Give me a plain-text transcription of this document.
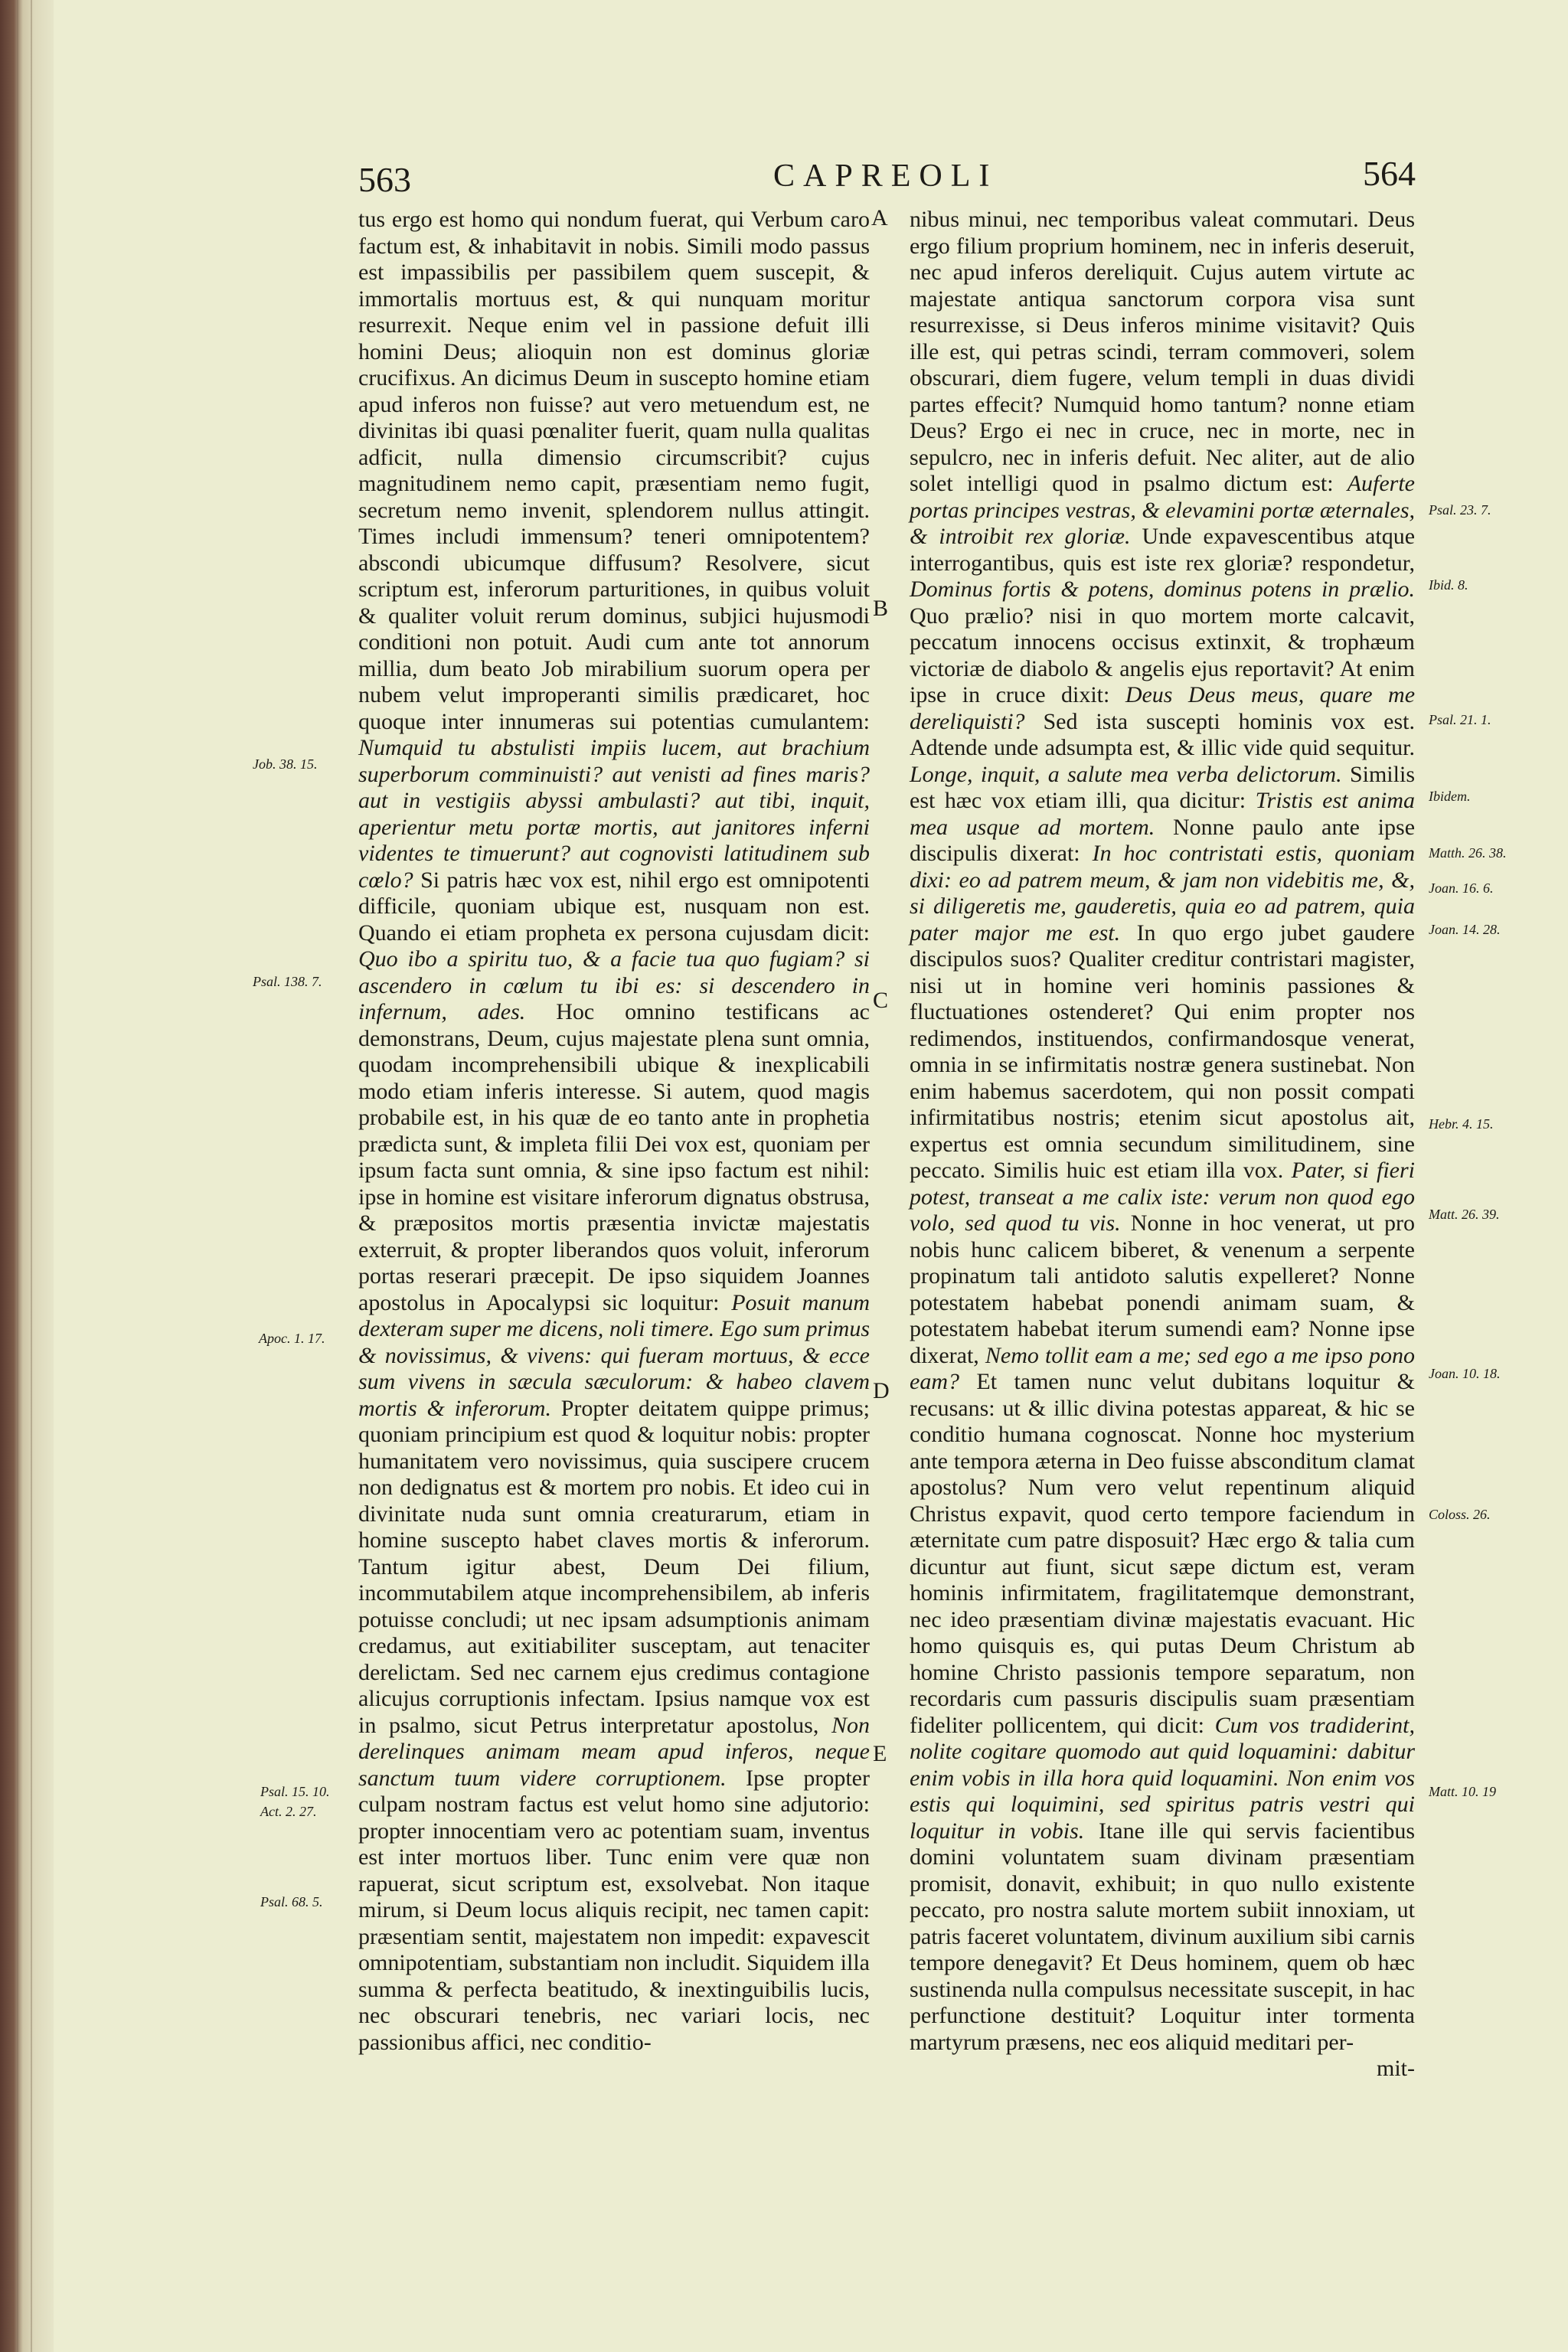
563	CAPREOLI	564

tus ergo est homo qui nondum fuerat, qui Verbum caro factum est, & inhabitavit in nobis. Simili modo passus est impassibilis per passibilem quem suscepit, & immortalis mortuus est, & qui nunquam moritur resurrexit. Neque enim vel in passione defuit illi homini Deus; alioquin non est dominus gloriæ crucifixus. An dicimus Deum in suscepto homine etiam apud inferos non fuisse? aut vero metuendum est, ne divinitas ibi quasi pœnaliter fuerit, quam nulla qualitas adficit, nulla dimensio circumscribit? cujus magnitudinem nemo capit, præsentiam nemo fugit, secretum nemo invenit, splendorem nullus attingit. Times includi immensum? teneri omnipotentem? abscondi ubicumque diffusum? Resolvere, sicut scriptum est, inferorum parturitiones, in quibus voluit & qualiter voluit rerum dominus, subjici hujusmodi conditioni non potuit. Audi cum ante tot annorum millia, dum beato Job mirabilium suorum opera per nubem velut improperanti similis prædicaret, hoc quoque inter innumeras sui potentias cumulantem: Numquid tu abstulisti impiis lucem, aut brachium superborum comminuisti? aut venisti ad fines maris? aut in vestigiis abyssi ambulasti? aut tibi, inquit, aperientur metu portæ mortis, aut janitores inferni videntes te timuerunt? aut cognovisti latitudinem sub cœlo? Si patris hæc vox est, nihil ergo est omnipotenti difficile, quoniam ubique est, nusquam non est. Quando ei etiam propheta ex persona cujusdam dicit: Quo ibo a spiritu tuo, & a facie tua quo fugiam? si ascendero in cœlum tu ibi es: si descendero in infernum, ades. Hoc omnino testificans ac demonstrans, Deum, cujus majestate plena sunt omnia, quodam incomprehensibili ubique & inexplicabili modo etiam inferis interesse. Si autem, quod magis probabile est, in his quæ de eo tanto ante in prophetia prædicta sunt, & impleta filii Dei vox est, quoniam per ipsum facta sunt omnia, & sine ipso factum est nihil: ipse in homine est visitare inferorum dignatus obstrusa, & præpositos mortis præsentia invictæ majestatis exterruit, & propter liberandos quos voluit, inferorum portas reserari præcepit. De ipso siquidem Joannes apostolus in Apocalypsi sic loquitur: Posuit manum dexteram super me dicens, noli timere. Ego sum primus & novissimus, & vivens: qui fueram mortuus, & ecce sum vivens in sæcula sæculorum: & habeo clavem mortis & inferorum. Propter deitatem quippe primus; quoniam principium est quod & loquitur nobis: propter humanitatem vero novissimus, quia suscipere crucem non dedignatus est & mortem pro nobis. Et ideo cui in divinitate nuda sunt omnia creaturarum, etiam in homine suscepto habet claves mortis & inferorum. Tantum igitur abest, Deum Dei filium, incommutabilem atque incomprehensibilem, ab inferis potuisse concludi; ut nec ipsam adsumptionis animam credamus, aut exitiabiliter susceptam, aut tenaciter derelictam. Sed nec carnem ejus credimus contagione alicujus corruptionis infectam. Ipsius namque vox est in psalmo, sicut Petrus interpretatur apostolus, Non derelinques animam meam apud inferos, neque sanctum tuum videre corruptionem. Ipse propter culpam nostram factus est velut homo sine adjutorio: propter innocentiam vero ac potentiam suam, inventus est inter mortuos liber. Tunc enim vere quæ non rapuerat, sicut scriptum est, exsolvebat. Non itaque mirum, si Deum locus aliquis recipit, nec tamen capit: præsentiam sentit, majestatem non impedit: expavescit omnipotentiam, substantiam non includit. Siquidem illa summa & perfecta beatitudo, & inextinguibilis lucis, nec obscurari tenebris, nec variari locis, nec passionibus affici, nec conditio-

nibus minui, nec temporibus valeat commutari. Deus ergo filium proprium hominem, nec in inferis deseruit, nec apud inferos dereliquit. Cujus autem virtute ac majestate antiqua sanctorum corpora visa sunt resurrexisse, si Deus inferos minime visitavit? Quis ille est, qui petras scindi, terram commoveri, solem obscurari, diem fugere, velum templi in duas dividi partes effecit? Numquid homo tantum? nonne etiam Deus? Ergo ei nec in cruce, nec in morte, nec in sepulcro, nec in inferis defuit. Nec aliter, aut de alio solet intelligi quod in psalmo dictum est: Auferte portas principes vestras, & elevamini portæ æternales, & introibit rex gloriæ. Unde expavescentibus atque interrogantibus, quis est iste rex gloriæ? respondetur, Dominus fortis & potens, dominus potens in prælio. Quo prælio? nisi in quo mortem morte calcavit, peccatum innocens occisus extinxit, & trophæum victoriæ de diabolo & angelis ejus reportavit? At enim ipse in cruce dixit: Deus Deus meus, quare me dereliquisti? Sed ista suscepti hominis vox est. Adtende unde adsumpta est, & illic vide quid sequitur. Longe, inquit, a salute mea verba delictorum. Similis est hæc vox etiam illi, qua dicitur: Tristis est anima mea usque ad mortem. Nonne paulo ante ipse discipulis dixerat: In hoc contristati estis, quoniam dixi: eo ad patrem meum, & jam non videbitis me, &, si diligeretis me, gauderetis, quia eo ad patrem, quia pater major me est. In quo ergo jubet gaudere discipulos suos? Qualiter creditur contristari magister, nisi ut in homine veri hominis passiones & fluctuationes ostenderet? Qui enim propter nos redimendos, instituendos, confirmandosque venerat, omnia in se infirmitatis nostræ genera sustinebat. Non enim habemus sacerdotem, qui non possit compati infirmitatibus nostris; etenim sicut apostolus ait, expertus est omnia secundum similitudinem, sine peccato. Similis huic est etiam illa vox. Pater, si fieri potest, transeat a me calix iste: verum non quod ego volo, sed quod tu vis. Nonne in hoc venerat, ut pro nobis hunc calicem biberet, & venenum a serpente propinatum tali antidoto salutis expelleret? Nonne potestatem habebat ponendi animam suam, & potestatem habebat iterum sumendi eam? Nonne ipse dixerat, Nemo tollit eam a me; sed ego a me ipso pono eam? Et tamen nunc velut dubitans loquitur & recusans: ut & illic divina potestas appareat, & hic se conditio humana cognoscat. Nonne hoc mysterium ante tempora æterna in Deo fuisse absconditum clamat apostolus? Num vero velut repentinum aliquid Christus expavit, quod certo tempore faciendum in æternitate cum patre disposuit? Hæc ergo & talia cum dicuntur aut fiunt, sicut sæpe dictum est, veram hominis infirmitatem, fragilitatemque demonstrant, nec ideo præsentiam divinæ majestatis evacuant. Hic homo quisquis es, qui putas Deum Christum ab homine Christo passionis tempore separatum, non recordaris cum passuris discipulis suam præsentiam fideliter pollicentem, qui dicit: Cum vos tradiderint, nolite cogitare quomodo aut quid loquamini: dabitur enim vobis in illa hora quid loquamini. Non enim vos estis qui loquimini, sed spiritus patris vestri qui loquitur in vobis. Itane ille qui servis facientibus domini voluntatem suam divinam præsentiam promisit, donavit, exhibuit; in quo nullo existente peccato, pro nostra salute mortem subiit innoxiam, ut patris faceret voluntatem, divinum auxilium sibi carnis tempore denegavit? Et Deus hominem, quem ob hæc sustinenda nulla compulsus necessitate suscepit, in hac perfunctione destituit? Loquitur inter tormenta martyrum præsens, nec eos aliquid meditari per-

mit-

A
B
C
D
E
Job. 38. 15.
Psal. 138. 7.
Apoc. 1. 17.
Psal. 15. 10.
Act. 2. 27.
Psal. 68. 5.
Psal. 23. 7.
Ibid. 8.
Psal. 21. 1.
Ibidem.
Matth. 26. 38.
Joan. 16. 6.
Joan. 14. 28.
Hebr. 4. 15.
Matt. 26. 39.
Joan. 10. 18.
Coloss. 26.
Matt. 10. 19
